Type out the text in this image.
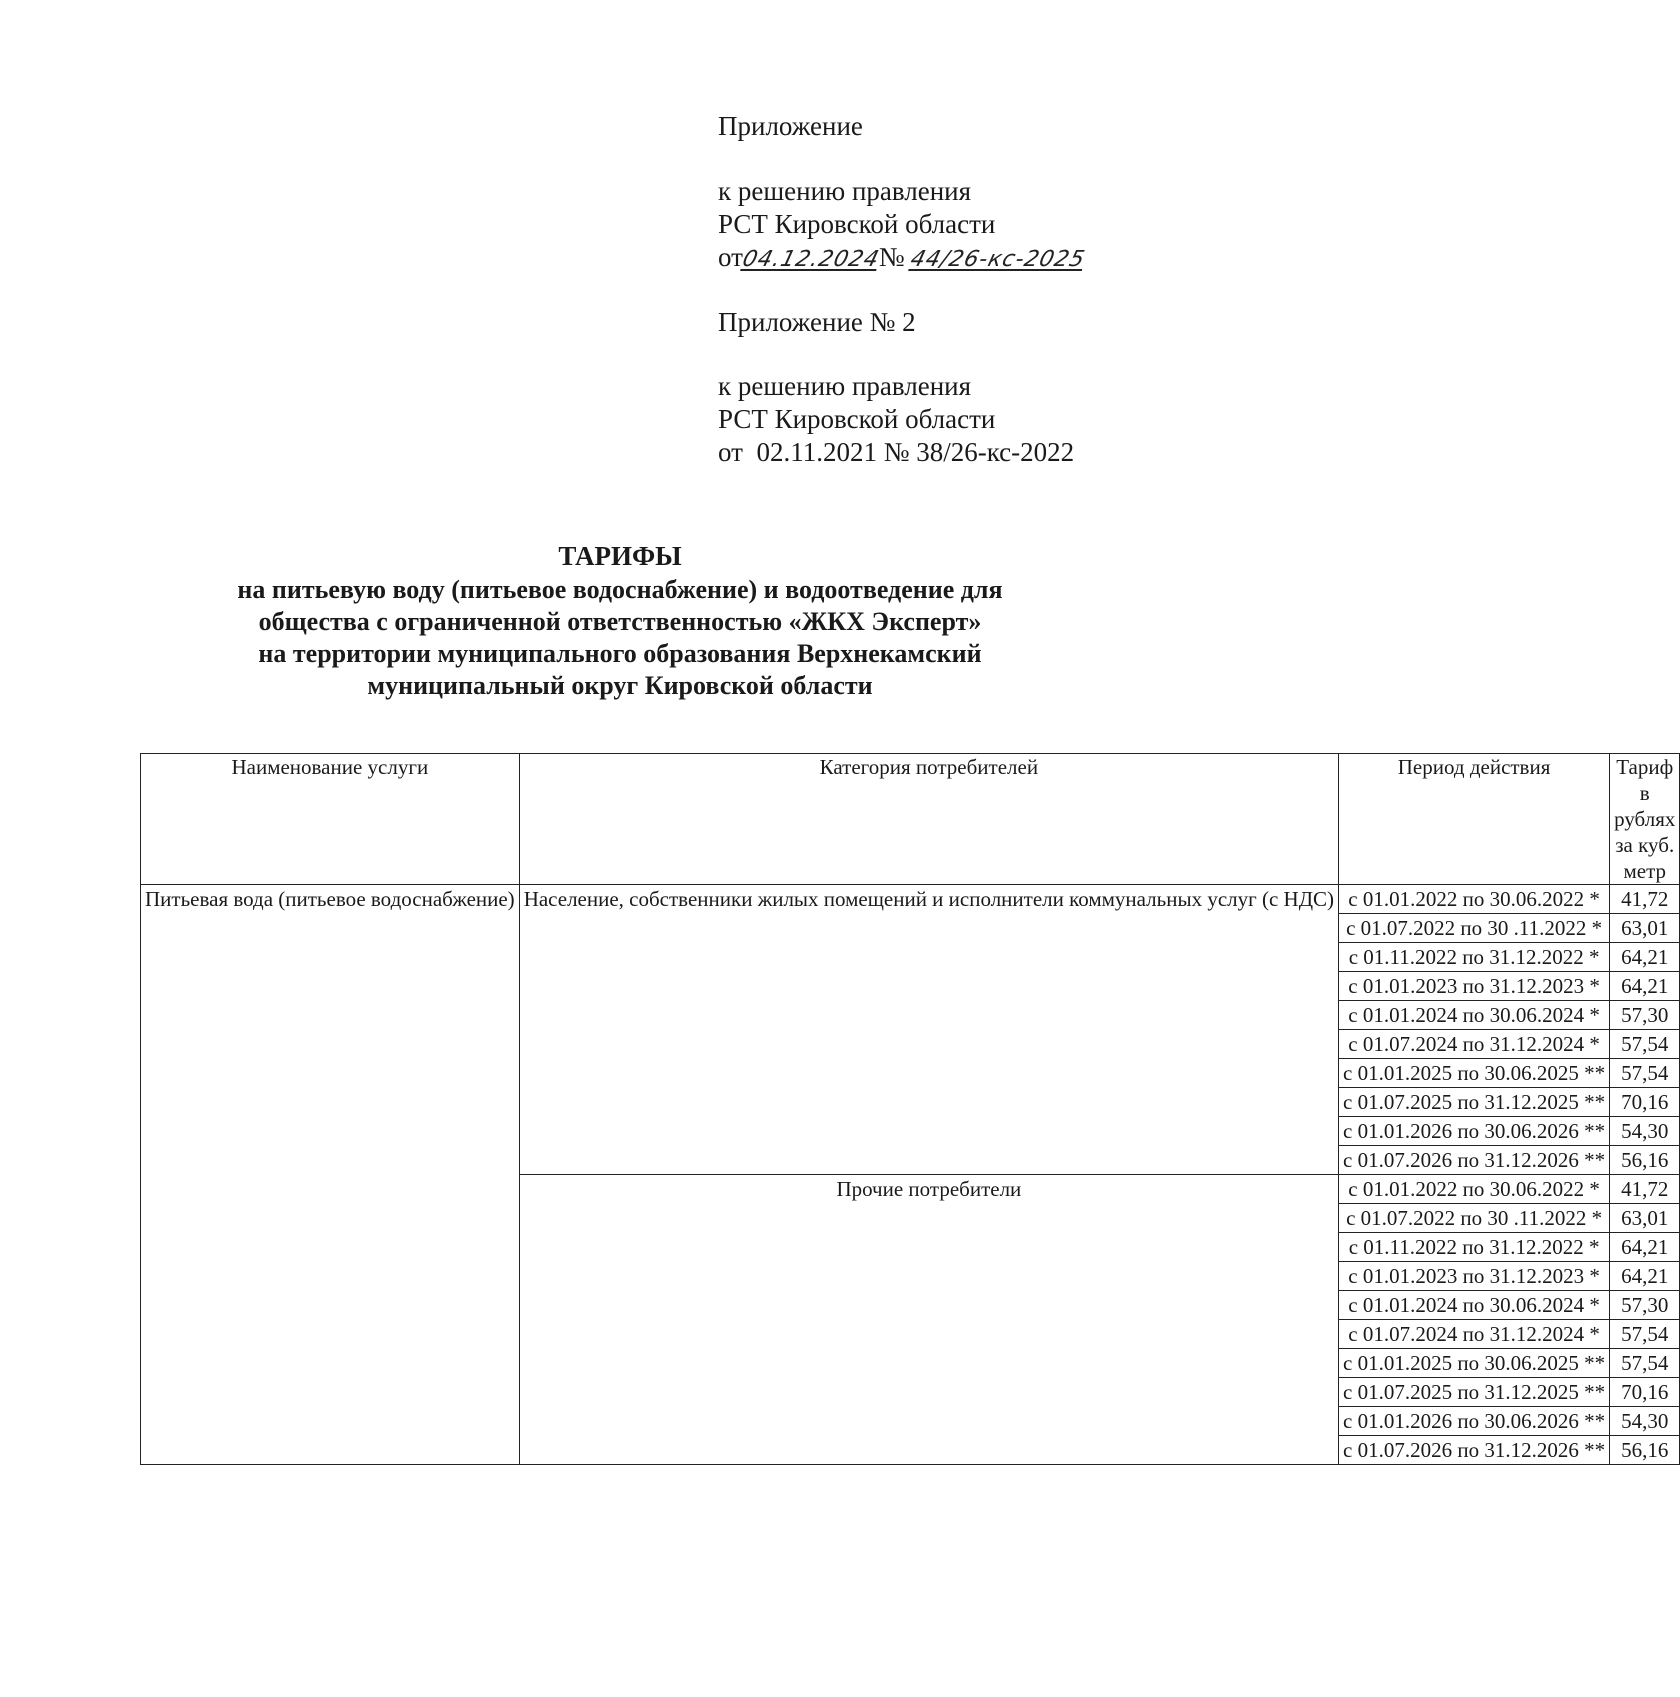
Приложение
к решению правления
РСТ Кировской области
от04.12.2024№ 44/26-кс-2025
Приложение № 2
к решению правления
РСТ Кировской области
от  02.11.2021 № 38/26-кс-2022
ТАРИФЫ
на питьевую воду (питьевое водоснабжение) и водоотведение для
общества с ограниченной ответственностью «ЖКХ Эксперт»
на территории муниципального образования Верхнекамский
муниципальный округ Кировской области
Наименование услуги	Категория потребителей	Период действия	Тариф в рублях за куб. метр
Питьевая вода (питьевое водоснабжение)	Население, собственники жилых помещений и исполнители коммунальных услуг (с НДС)	с 01.01.2022 по 30.06.2022 *	41,72
		с 01.07.2022 по 30 .11.2022 *	63,01
		с 01.11.2022 по 31.12.2022 *	64,21
		с 01.01.2023 по 31.12.2023 *	64,21
		с 01.01.2024 по 30.06.2024 *	57,30
		с 01.07.2024 по 31.12.2024 *	57,54
		с 01.01.2025 по 30.06.2025 **	57,54
		с 01.07.2025 по 31.12.2025 **	70,16
		с 01.01.2026 по 30.06.2026 **	54,30
		с 01.07.2026 по 31.12.2026 **	56,16
	Прочие потребители	с 01.01.2022 по 30.06.2022 *	41,72
		с 01.07.2022 по 30 .11.2022 *	63,01
		с 01.11.2022 по 31.12.2022 *	64,21
		с 01.01.2023 по 31.12.2023 *	64,21
		с 01.01.2024 по 30.06.2024 *	57,30
		с 01.07.2024 по 31.12.2024 *	57,54
		с 01.01.2025 по 30.06.2025 **	57,54
		с 01.07.2025 по 31.12.2025 **	70,16
		с 01.01.2026 по 30.06.2026 **	54,30
		с 01.07.2026 по 31.12.2026 **	56,16
